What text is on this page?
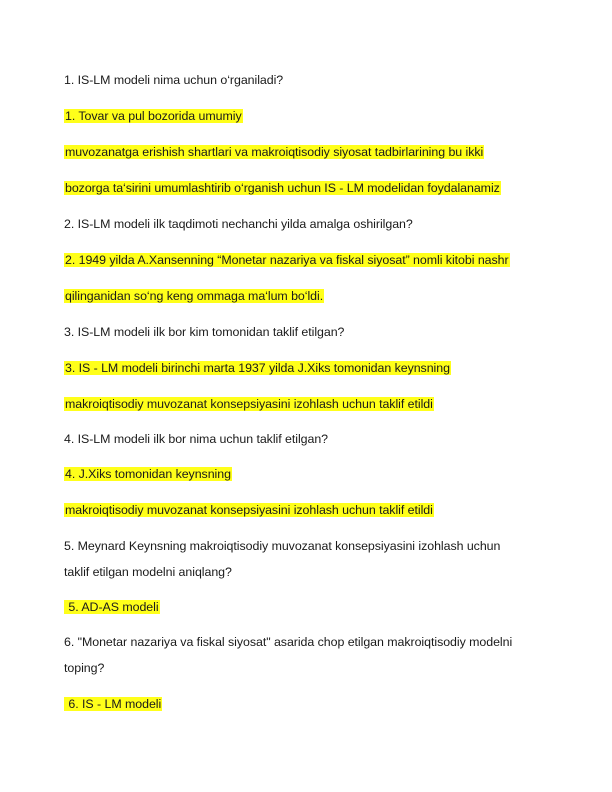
1. IS-LM modeli nima uchun o‘rganiladi?
1. Tovar va pul bozorida umumiy
muvozanatga erishish shartlari va makroiqtisodiy siyosat tadbirlarining bu ikki
bozorga ta‘sirini umumlashtirib o‘rganish uchun IS - LM modelidan foydalanamiz
2. IS-LM modeli ilk taqdimoti nechanchi yilda amalga oshirilgan?
2. 1949 yilda A.Xansenning “Monetar nazariya va fiskal siyosat” nomli kitobi nashr
qilinganidan so‘ng keng ommaga ma‘lum bo‘ldi.
3. IS-LM modeli ilk bor kim tomonidan taklif etilgan?
3. IS - LM modeli birinchi marta 1937 yilda J.Xiks tomonidan keynsning
makroiqtisodiy muvozanat konsepsiyasini izohlash uchun taklif etildi
4. IS-LM modeli ilk bor nima uchun taklif etilgan?
4. J.Xiks tomonidan keynsning
makroiqtisodiy muvozanat konsepsiyasini izohlash uchun taklif etildi
5. Meynard Keynsning makroiqtisodiy muvozanat konsepsiyasini izohlash uchun
taklif etilgan modelni aniqlang?
5. AD-AS modeli
6. "Monetar nazariya va fiskal siyosat" asarida chop etilgan makroiqtisodiy modelni
toping?
6. IS - LM modeli
